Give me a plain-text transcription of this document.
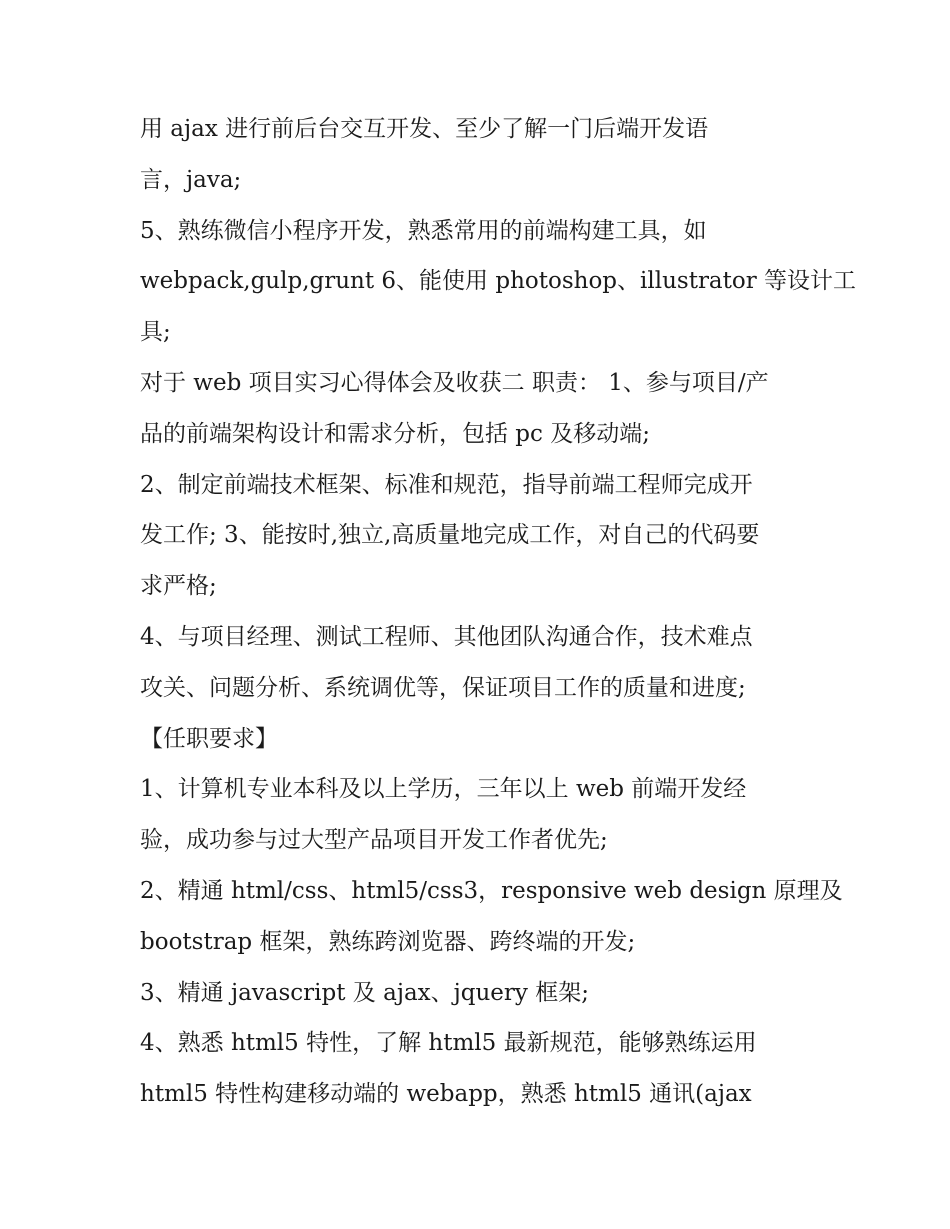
用 ajax 进行前后台交互开发、至少了解一门后端开发语
言，java;
5、熟练微信小程序开发，熟悉常用的前端构建工具，如
webpack,gulp,grunt 6、能使用 photoshop、illustrator 等设计工
具;
对于 web 项目实习心得体会及收获二 职责： 1、参与项目/产
品的前端架构设计和需求分析，包括 pc 及移动端;
2、制定前端技术框架、标准和规范，指导前端工程师完成开
发工作; 3、能按时,独立,高质量地完成工作，对自己的代码要
求严格;
4、与项目经理、测试工程师、其他团队沟通合作，技术难点
攻关、问题分析、系统调优等，保证项目工作的质量和进度;
【任职要求】
1、计算机专业本科及以上学历，三年以上 web 前端开发经
验，成功参与过大型产品项目开发工作者优先;
2、精通 html/css、html5/css3，responsive web design 原理及
bootstrap 框架，熟练跨浏览器、跨终端的开发;
3、精通 javascript 及 ajax、jquery 框架;
4、熟悉 html5 特性，了解 html5 最新规范，能够熟练运用
html5 特性构建移动端的 webapp，熟悉 html5 通讯(ajax
